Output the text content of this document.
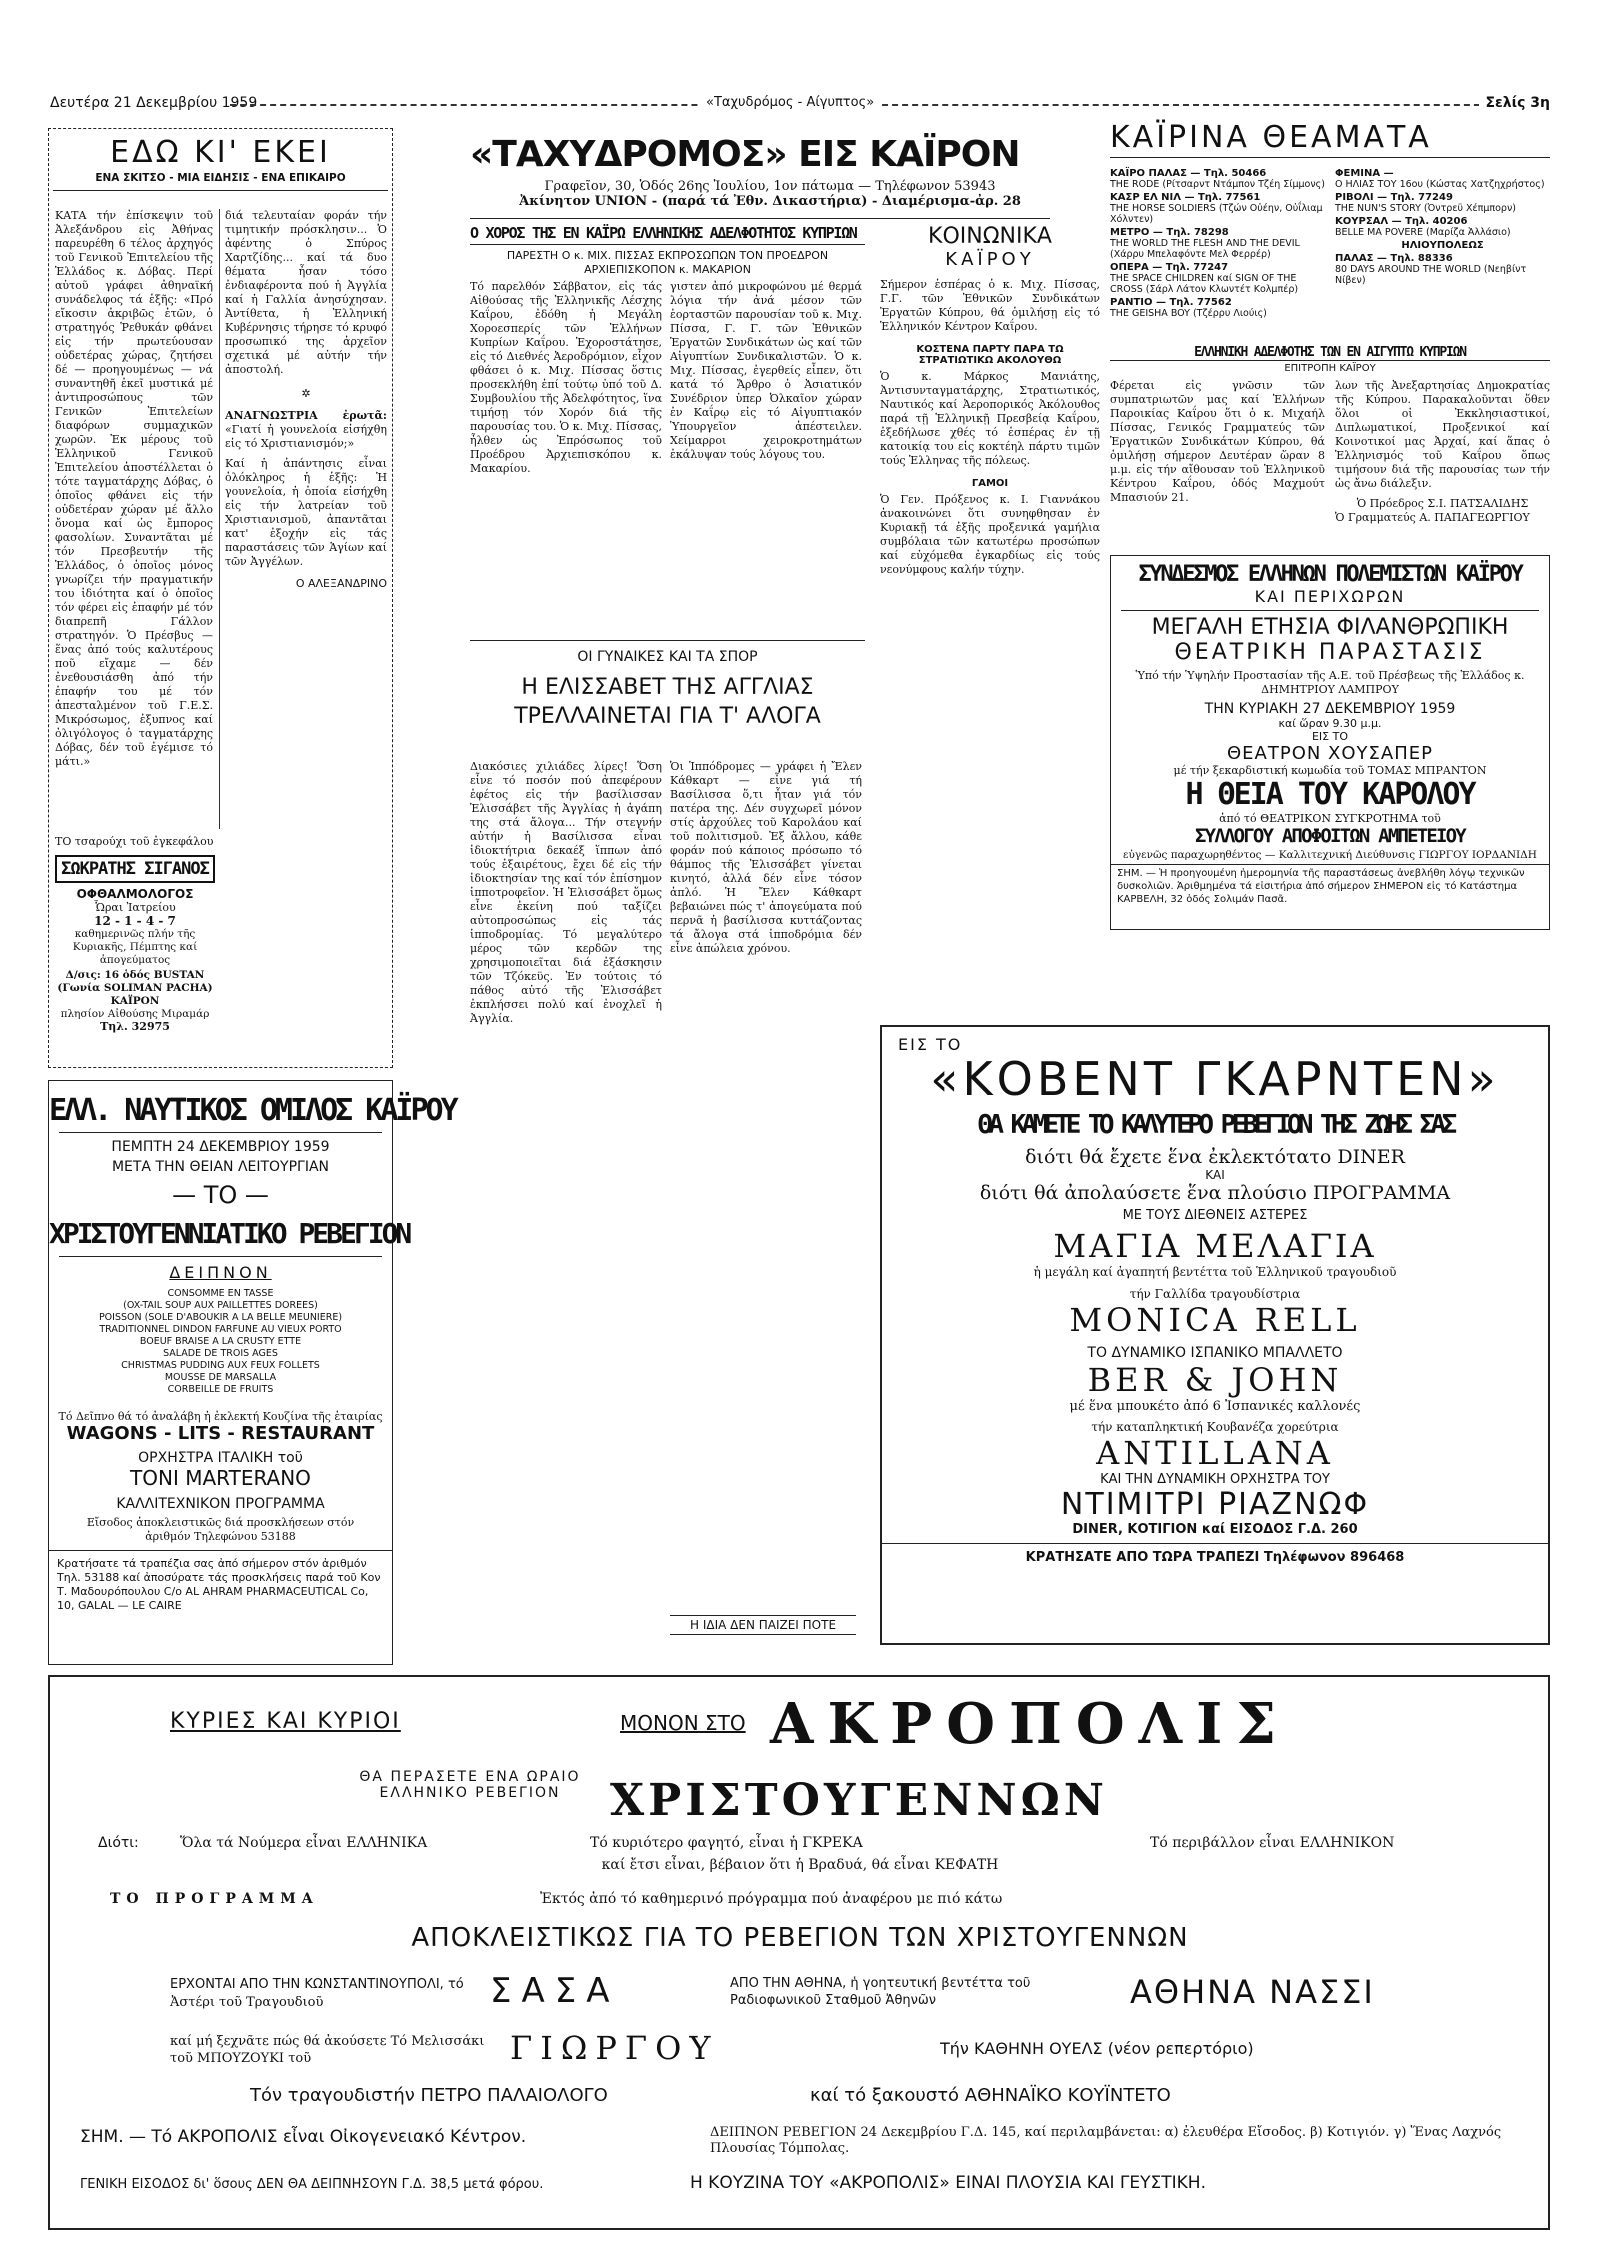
Δευτέρα 21 Δεκεμβρίου 1959	«Ταχυδρόμος - Αίγυπτος»	Σελίς 3η
ΕΔΩ ΚΙ' ΕΚΕΙ
ΕΝΑ ΣΚΙΤΣΟ - ΜΙΑ ΕΙΔΗΣΙΣ - ΕΝΑ ΕΠΙΚΑΙΡΟ
ΚΑΤΑ τήν ἐπίσκεψιν τοῦ Ἀλεξάνδρου εἰς Ἀθήνας παρευρέθη 6 τέλος ἀρχηγός τοῦ Γενικοῦ Ἐπιτελείου τῆς Ἑλλάδος κ. Δόβας. Περί αὐτοῦ γράφει ἀθηναϊκή συνάδελφος τά ἑξῆς: «Πρό εἴκοσιν ἀκριβῶς ἐτῶν, ὁ στρατηγός Ῥεθυκάν φθάνει εἰς τήν πρωτεύουσαν οὐδετέρας χώρας, ζητήσει δέ — προηγουμένως — νά συναντηθῆ ἐκεῖ μυστικά μέ ἀντιπροσώπους τῶν Γενικῶν Ἐπιτελείων διαφόρων συμμαχικῶν χωρῶν. Ἐκ μέρους τοῦ Ἑλληνικοῦ Γενικοῦ Ἐπιτελείου ἀποστέλλεται ὁ τότε ταγματάρχης Δόβας, ὁ ὁποῖος φθάνει εἰς τήν οὐδετέραν χώραν μέ ἄλλο ὄνομα καί ὡς ἔμπορος φασολίων. Συναντᾶται μέ τόν Πρεσβευτήν τῆς Ἑλλάδος, ὁ ὁποῖος μόνος γνωρίζει τήν πραγματικήν του ἰδιότητα καί ὁ ὁποῖος τόν φέρει εἰς ἐπαφήν μέ τόν διαπρεπῆ Γάλλον στρατηγόν. Ὁ Πρέσβυς — ἕνας ἀπό τούς καλυτέρους ποῦ εἴχαμε — δέν ἐνεθουσιάσθη ἀπό τήν ἐπαφήν του μέ τόν ἀπεσταλμένον τοῦ Γ.Ε.Σ. Μικρόσωμος, ἐξυπνος καί ὀλιγόλογος ὁ ταγματάρχης Δόβας, δέν τοῦ ἐγέμισε τό μάτι.»
διά τελευταίαν φοράν τήν τιμητικήν πρόσκλησιν... Ὁ ἀφέντης ὁ Σπύρος Χαρτζίδης... καί τά δυο θέματα ἦσαν τόσο ἐνδιαφέροντα πού ἡ Ἀγγλία καί ἡ Γαλλία ἀνησύχησαν. Ἀντίθετα, ἡ Ἑλληνική Κυβέρνησις τήρησε τό κρυφό προσωπικό της ἀρχεῖον σχετικά μέ αὐτήν τήν ἀποστολή.
✲

ΑΝΑΓΝΩΣΤΡΙΑ ἐρωτᾶ: «Γιατί ἡ γουνελοία εἰσήχθη εἰς τό Χριστιανισμόν;»

Καί ἡ ἀπάντησις εἶναι ὁλόκληρος ἡ ἑξῆς: Ἡ γουνελοία, ἡ ὁποία εἰσήχθη εἰς τήν λατρείαν τοῦ Χριστιανισμοῦ, ἀπαντᾶται κατ' ἐξοχήν εἰς τάς παραστάσεις τῶν Ἁγίων καί τῶν Ἀγγέλων.

Ο ΑΛΕΞΑΝΔΡΙΝΟ

ΤΟ τσαρούχι τοῦ ἐγκεφάλου
ΣΩΚΡΑΤΗΣ ΣΙΓΑΝΟΣ
ΟΦΘΑΛΜΟΛΟΓΟΣ
Ὧραι Ἰατρείου
12 - 1 - 4 - 7
καθημερινῶς πλήν τῆς Κυριακῆς, Πέμπτης καί ἀπογεύματος
Δ/σις: 16 ὁδός BUSTAN (Γωνία SOLIMAN PACHA) ΚΑΪΡΟΝ
πλησίον Αἰθούσης Μιραμάρ
Τηλ. 32975
ΕΛΛ. ΝΑΥΤΙΚΟΣ ΟΜΙΛΟΣ ΚΑΪΡΟΥ
ΠΕΜΠΤΗ 24 ΔΕΚΕΜΒΡΙΟΥ 1959
ΜΕΤΑ ΤΗΝ ΘΕΙΑΝ ΛΕΙΤΟΥΡΓΙΑΝ
— ΤΟ —
ΧΡΙΣΤΟΥΓΕΝΝΙΑΤΙΚΟ ΡΕΒΕΓΙΟΝ
ΔΕΙΠΝΟΝ
CONSOMME EN TASSE
(OX-TAIL SOUP AUX PAILLETTES DOREES)
POISSON (SOLE D'ABOUKIR A LA BELLE MEUNIERE)
TRADITIONNEL DINDON FARFUNE AU VIEUX PORTO
BOEUF BRAISE A LA CRUSTY ETTE
SALADE DE TROIS AGES
CHRISTMAS PUDDING AUX FEUX FOLLETS
MOUSSE DE MARSALLA
CORBEILLE DE FRUITS
Τό Δεῖπνο θά τό ἀναλάβη ἡ ἐκλεκτή Κουζίνα τῆς ἑταιρίας
WAGONS - LITS - RESTAURANT
ΟΡΧΗΣΤΡΑ ΙΤΑΛΙΚΗ τοῦ
TONI MARTERANO
ΚΑΛΛΙΤΕΧΝΙΚΟΝ ΠΡΟΓΡΑΜΜΑ
Εἴσοδος ἀποκλειστικῶς διά προσκλήσεων στόν ἀριθμόν Τηλεφώνου 53188
Κρατήσατε τά τραπέζια σας ἀπό σήμερον στόν ἀριθμόν Τηλ. 53188 καί ἀποσύρατε τάς προσκλήσεις παρά τοῦ Κον Τ. Μαδουρόπουλου C/o AL AHRAM PHARMACEUTICAL Co, 10, GALAL — LE CAIRE
«ΤΑΧΥΔΡΟΜΟΣ» ΕΙΣ ΚΑΪΡΟΝ
Γραφεῖον, 30, Ὁδός 26ης Ἰουλίου, 1ον πάτωμα — Τηλέφωνον 53943
Ἀκίνητον UNION - (παρά τά Ἐθν. Δικαστήρια) - Διαμέρισμα-ἀρ. 28
Ο ΧΟΡΟΣ ΤΗΣ ΕΝ ΚΑΪΡΩ ΕΛΛΗΝΙΚΗΣ ΑΔΕΛΦΟΤΗΤΟΣ ΚΥΠΡΙΩΝ
ΠΑΡΕΣΤΗ Ο κ. ΜΙΧ. ΠΙΣΣΑΣ ΕΚΠΡΟΣΩΠΩΝ ΤΟΝ ΠΡΟΕΔΡΟΝ ΑΡΧΙΕΠΙΣΚΟΠΟΝ κ. ΜΑΚΑΡΙΟΝ
Τό παρελθόν Σάββατον, εἰς τάς Αἰθούσας τῆς Ἑλληνικῆς Λέσχης Καΐρου, ἐδόθη ἡ Μεγάλη Χοροεσπερίς τῶν Ἑλλήνων Κυπρίων Καΐρου. Ἐχοροστάτησε, εἰς τό Διεθνές Ἀεροδρόμιον, εἶχον φθάσει ὁ κ. Μιχ. Πίσσας ὅστις προσεκλήθη ἐπί τούτῳ ὑπό τοῦ Δ. Συμβουλίου τῆς Ἀδελφότητος, ἵνα τιμήσῃ τόν Χορόν διά τῆς παρουσίας του. Ὁ κ. Μιχ. Πίσσας, ἦλθεν ὡς Ἐπρόσωπος τοῦ Προέδρου Ἀρχιεπισκόπου κ. Μακαρίου.
γιστεν ἀπό μικροφώνου μέ θερμά λόγια τήν ἀνά μέσον τῶν ἑορταστῶν παρουσίαν τοῦ κ. Μιχ. Πίσσα, Γ. Γ. τῶν Ἐθνικῶν Ἐργατῶν Συνδικάτων ὡς καί τῶν Αἰγυπτίων Συνδικαλιστῶν. Ὁ κ. Μιχ. Πίσσας, ἐγερθείς εἶπεν, ὅτι κατά τό Ἄρθρο ὁ Ἀσιατικόν Συνέδριον ὑπερ Ὀλκαῖον χώραν ἐν Καΐρῳ εἰς τό Αἰγυπτιακόν Ὑπουργεῖον ἀπέστειλεν. Χείμαρροι χειροκροτημάτων ἐκάλυψαν τούς λόγους του.
ΟΙ ΓΥΝΑΙΚΕΣ ΚΑΙ ΤΑ ΣΠΟΡ
Η ΕΛΙΣΣΑΒΕΤ ΤΗΣ ΑΓΓΛΙΑΣ
ΤΡΕΛΛΑΙΝΕΤΑΙ ΓΙΑ Τ' ΑΛΟΓΑ
Διακόσιες χιλιάδες λίρες! Ὅση εἶνε τό ποσόν πού ἀπεφέρουν ἐφέτος εἰς τήν βασίλισσαν Ἐλισσάβετ τῆς Ἀγγλίας ἡ ἀγάπη της στά ἄλογα... Τήν στεγνήν αὐτήν ἡ Βασίλισσα εἶναι ἰδιοκτήτρια δεκαέξ ἵππων ἀπό τούς ἐξαιρέτους, ἔχει δέ εἰς τήν ἰδιοκτησίαν της καί τόν ἐπίσημον ἱπποτροφεῖον. Ἡ Ἐλισσάβετ ὅμως εἶνε ἐκείνη πού ταξίζει αὐτοπροσώπως εἰς τάς ἱπποδρομίας. Τό μεγαλύτερο μέρος τῶν κερδῶν της χρησιμοποιεῖται διά ἐξάσκησιν τῶν Τζόκεϋς. Ἐν τούτοις τό πάθος αὐτό τῆς Ἐλισσάβετ ἐκπλήσσει πολύ καί ἐνοχλεῖ ἡ Ἀγγλία.
Ὁι Ἱππόδρομες — γράφει ἡ Ἔλεν Κάθκαρτ — εἶνε γιά τή Βασίλισσα ὅ,τι ἦταν γιά τόν πατέρα της. Δέν συγχωρεῖ μόνον στίς ἀρχούλες τοῦ Καρολάου καί τοῦ πολιτισμοῦ. Ἐξ ἄλλου, κάθε φοράν πού κάποιος πρόσωπο τό θάμπος τῆς Ἐλισσάβετ γίνεται κινητό, ἀλλά δέν εἶνε τόσον ἀπλό. Ἡ Ἔλεν Κάθκαρτ βεβαιώνει πώς τ' ἀπογεύματα πού περνᾶ ἡ βασίλισσα κυττάζοντας τά ἄλογα στά ἱπποδρόμια δέν εἶνε ἀπώλεια χρόνου.
Η ΙΔΙΑ ΔΕΝ ΠΑΙΖΕΙ ΠΟΤΕ
ΚΟΙΝΩΝΙΚΑ
ΚΑΪΡΟΥ

Σήμερον ἑσπέρας ὁ κ. Μιχ. Πίσσας, Γ.Γ. τῶν Ἐθνικῶν Συνδικάτων Ἐργατῶν Κύπρου, θά ὁμιλήσῃ εἰς τό Ἑλληνικόν Κέντρον Καΐρου.

ΚΟΣΤΕΝΑ ΠΑΡΤΥ ΠΑΡΑ ΤΩ ΣΤΡΑΤΙΩΤΙΚΩ ΑΚΟΛΟΥΘΩ

Ὁ κ. Μάρκος Μανιάτης, Ἀντισυνταγματάρχης, Στρατιωτικός, Ναυτικός καί Ἀεροπορικός Ἀκόλουθος παρά τῇ Ἑλληνικῇ Πρεσβείᾳ Καΐρου, ἐξεδήλωσε χθές τό ἑσπέρας ἐν τῇ κατοικίᾳ του εἰς κοκτέηλ πάρτυ τιμῶν τούς Ἑλληνας τῆς πόλεως.

ΓΑΜΟΙ

Ὁ Γεν. Πρόξενος κ. Ι. Γιαννάκου ἀνακοινώνει ὅτι συνηφθησαν ἐν Κυριακῇ τά ἐξῆς προξενικά γαμήλια συμβόλαια τῶν κατωτέρω προσώπων καί εὐχόμεθα ἐγκαρδίως εἰς τούς νεονύμφους καλήν τύχην.

ΚΑΪΡΙΝΑ ΘΕΑΜΑΤΑ
ΚΑΪΡΟ ΠΑΛΑΣ — Τηλ. 50466
THE RODE (Ρίτσαρντ Ντάμπον Τζέη Σίμμονς)
ΚΑΣΡ ΕΛ ΝΙΛ — Τηλ. 77561
THE HORSE SOLDIERS (Τζών Οὐέην, Οὐΐλιαμ Χόλντεν)
ΜΕΤΡΟ — Τηλ. 78298
THE WORLD THE FLESH AND THE DEVIL (Χάρρυ Μπελαφόντε Μελ Φερρέρ)
ΟΠΕΡΑ — Τηλ. 77247
THE SPACE CHILDREN καί SIGN OF THE CROSS (Σάρλ Λάτον Κλωντέτ Κολμπέρ)
ΡΑΝΤΙΟ — Τηλ. 77562
THE GEISHA BOY (Τζέρρυ Λιούις)
ΦΕΜΙΝΑ —
Ο ΗΛΙΑΣ ΤΟΥ 16ου (Κώστας Χατζηχρήστος)
ΡΙΒΟΛΙ — Τηλ. 77249
THE NUN'S STORY (Ὀντρεϋ Χέπμπορν)
ΚΟΥΡΣΑΛ — Τηλ. 40206
BELLE MA POVERE (Μαρίζα Ἀλλάσιο)
ΗΛΙΟΥΠΟΛΕΩΣ
ΠΑΛΑΣ — Τηλ. 88336
80 DAYS AROUND THE WORLD (Νεηβίντ Νίβεν)
ΕΛΛΗΝΙΚΗ ΑΔΕΛΦΟΤΗΣ ΤΩΝ ΕΝ ΑΙΓΥΠΤΩ ΚΥΠΡΙΩΝ
ΕΠΙΤΡΟΠΗ ΚΑΪΡΟΥ
Φέρεται εἰς γνῶσιν τῶν συμπατριωτῶν μας καί Ἑλλήνων Παροικίας Καΐρου ὅτι ὁ κ. Μιχαήλ Πίσσας, Γενικός Γραμματεύς τῶν Ἐργατικῶν Συνδικάτων Κύπρου, θά ὁμιλήσῃ σήμερον Δευτέραν ὥραν 8 μ.μ. εἰς τήν αἴθουσαν τοῦ Ἑλληνικοῦ Κέντρου Καΐρου, ὁδός Μαχμούτ Μπασιούν 21.
λων τῆς Ἀνεξαρτησίας Δημοκρατίας τῆς Κύπρου. Παρακαλοῦνται ὅθεν ὅλοι οἱ Ἐκκλησιαστικοί, Διπλωματικοί, Προξενικοί καί Κοινοτικοί μας Ἀρχαί, καί ἅπας ὁ Ἑλληνισμός τοῦ Καΐρου ὅπως τιμήσουν διά τῆς παρουσίας των τήν ὡς ἄνω διάλεξιν.
Ὁ Πρόεδρος Σ.Ι. ΠΑΤΣΑΛΙΔΗΣ
Ὁ Γραμματεύς Α. ΠΑΠΑΓΕΩΡΓΙΟΥ
ΣΥΝΔΕΣΜΟΣ ΕΛΛΗΝΩΝ ΠΟΛΕΜΙΣΤΩΝ ΚΑΪΡΟΥ
ΚΑΙ ΠΕΡΙΧΩΡΩΝ
ΜΕΓΑΛΗ ΕΤΗΣΙΑ ΦΙΛΑΝΘΡΩΠΙΚΗ
ΘΕΑΤΡΙΚΗ ΠΑΡΑΣΤΑΣΙΣ
Ὑπό τήν Ὑψηλήν Προστασίαν τῆς Α.Ε. τοῦ Πρέσβεως τῆς Ἑλλάδος κ. ΔΗΜΗΤΡΙΟΥ ΛΑΜΠΡΟΥ
ΤΗΝ ΚΥΡΙΑΚΗ 27 ΔΕΚΕΜΒΡΙΟΥ 1959
καί ὥραν 9.30 μ.μ.
ΕΙΣ ΤΟ
ΘΕΑΤΡΟΝ ΧΟΥΣΑΠΕΡ
μέ τήν ξεκαρδιστική κωμωδία τοῦ ΤΟΜΑΣ ΜΠΡΑΝΤΟΝ
Η ΘΕΙΑ ΤΟΥ ΚΑΡΟΛΟΥ
ἀπό τό ΘΕΑΤΡΙΚΟΝ ΣΥΓΚΡΟΤΗΜΑ τοῦ
ΣΥΛΛΟΓΟΥ ΑΠΟΦΟΙΤΩΝ ΑΜΠΕΤΕΙΟΥ
εὐγενῶς παραχωρηθέντος — Καλλιτεχνική Διεύθυνσις ΓΙΩΡΓΟΥ ΙΟΡΔΑΝΙΔΗ
ΣΗΜ. — Ἡ προηγουμένη ἡμερομηνία τῆς παραστάσεως ἀνεβλήθη λόγῳ τεχνικῶν δυσκολιῶν. Ἀριθμημένα τά εἰσιτήρια ἀπό σήμερον ΣΗΜΕΡΟΝ εἰς τό Κατάστημα ΚΑΡΒΕΛΗ, 32 ὁδός Σολιμάν Πασᾶ.
ΕΙΣ ΤΟ
«ΚΟΒΕΝΤ ΓΚΑΡΝΤΕΝ»
ΘΑ ΚΑΜΕΤΕ ΤΟ ΚΑΛΥΤΕΡΟ ΡΕΒΕΓΙΟΝ ΤΗΣ ΖΩΗΣ ΣΑΣ
διότι θά ἔχετε ἕνα ἐκλεκτότατο DINER
ΚΑΙ
διότι θά ἀπολαύσετε ἕνα πλούσιο ΠΡΟΓΡΑΜΜΑ
ΜΕ ΤΟΥΣ ΔΙΕΘΝΕΙΣ ΑΣΤΕΡΕΣ
ΜΑΓΙΑ ΜΕΛΑΓΙΑ
ἡ μεγάλη καί ἀγαπητή βεντέττα τοῦ Ἑλληνικοῦ τραγουδιοῦ
τήν Γαλλίδα τραγουδίστρια
MONICA RELL
ΤΟ ΔΥΝΑΜΙΚΟ ΙΣΠΑΝΙΚΟ ΜΠΑΛΛΕΤΟ
BER & JOHN
μέ ἕνα μπουκέτο ἀπό 6 Ἰσπανικές καλλονές
τήν καταπληκτική Κουβανέζα χορεύτρια
ANTILLANA
ΚΑΙ ΤΗΝ ΔΥΝΑΜΙΚΗ ΟΡΧΗΣΤΡΑ ΤΟΥ
ΝΤΙΜΙΤΡΙ ΡΙΑΖΝΩΦ
DINER, ΚΟΤΙΓΙΟΝ καί ΕΙΣΟΔΟΣ Γ.Δ. 260
ΚΡΑΤΗΣΑΤΕ ΑΠΟ ΤΩΡΑ ΤΡΑΠΕΖΙ Τηλέφωνον 896468
ΚΥΡΙΕΣ ΚΑΙ ΚΥΡΙΟΙ	ΜΟΝΟΝ ΣΤΟ ΑΚΡΟΠΟΛΙΣ
ΘΑ ΠΕΡΑΣΕΤΕ ΕΝΑ ΩΡΑΙΟ ΕΛΛΗΝΙΚΟ ΡΕΒΕΓΙΟΝ	ΧΡΙΣΤΟΥΓΕΝΝΩΝ
Διότι:	Ὅλα τά Νούμερα εἶναι ΕΛΛΗΝΙΚΑ	Τό κυριότερο φαγητό, εἶναι ἡ ΓΚΡΕΚΑ	Τό περιβάλλον εἶναι ΕΛΛΗΝΙΚΟΝ
καί ἔτσι εἶναι, βέβαιον ὅτι ἡ Βραδυά, θά εἶναι ΚΕΦΑΤΗ
ΤΟ ΠΡΟΓΡΑΜΜΑ	Ἐκτός ἀπό τό καθημερινό πρόγραμμα πού ἀναφέρου με πιό κάτω
ΑΠΟΚΛΕΙΣΤΙΚΩΣ ΓΙΑ ΤΟ ΡΕΒΕΓΙΟΝ ΤΩΝ ΧΡΙΣΤΟΥΓΕΝΝΩΝ
ΕΡΧΟΝΤΑΙ ΑΠΟ ΤΗΝ ΚΩΝΣΤΑΝΤΙΝΟΥΠΟΛΙ, τό
Ἀστέρι τοῦ Τραγουδιοῦ	ΣΑΣΑ	ΑΠΟ ΤΗΝ ΑΘΗΝΑ, ἡ γοητευτική βεντέττα τοῦ Ραδιοφωνικοῦ Σταθμοῦ Ἀθηνῶν	ΑΘΗΝΑ ΝΑΣΣΙ
καί μή ξεχνᾶτε πώς θά ἀκούσετε Τό Μελισσάκι τοῦ ΜΠΟΥΖΟΥΚΙ τοῦ	ΓΙΩΡΓΟΥ	Τήν ΚΑΘΗΝΗ ΟΥΕΛΣ (νέον ρεπερτόριο)
Τόν τραγουδιστήν ΠΕΤΡΟ ΠΑΛΑΙΟΛΟΓΟ	καί τό ξακουστό ΑΘΗΝΑΪΚΟ ΚΟΥΪΝΤΕΤΟ
ΣΗΜ. — Τό ΑΚΡΟΠΟΛΙΣ εἶναι Οἰκογενειακό Κέντρον.	ΔΕΙΠΝΟΝ ΡΕΒΕΓΙΟΝ 24 Δεκεμβρίου Γ.Δ. 145, καί περιλαμβάνεται: α) ἐλευθέρα Εἴσοδος. β) Κοτιγιόν. γ) Ἕνας Λαχνός Πλουσίας Τόμπολας.
ΓΕΝΙΚΗ ΕΙΣΟΔΟΣ δι' ὅσους ΔΕΝ ΘΑ ΔΕΙΠΝΗΣΟΥΝ Γ.Δ. 38,5 μετά φόρου.	Η ΚΟΥΖΙΝΑ ΤΟΥ «ΑΚΡΟΠΟΛΙΣ» ΕΙΝΑΙ ΠΛΟΥΣΙΑ ΚΑΙ ΓΕΥΣΤΙΚΗ.
